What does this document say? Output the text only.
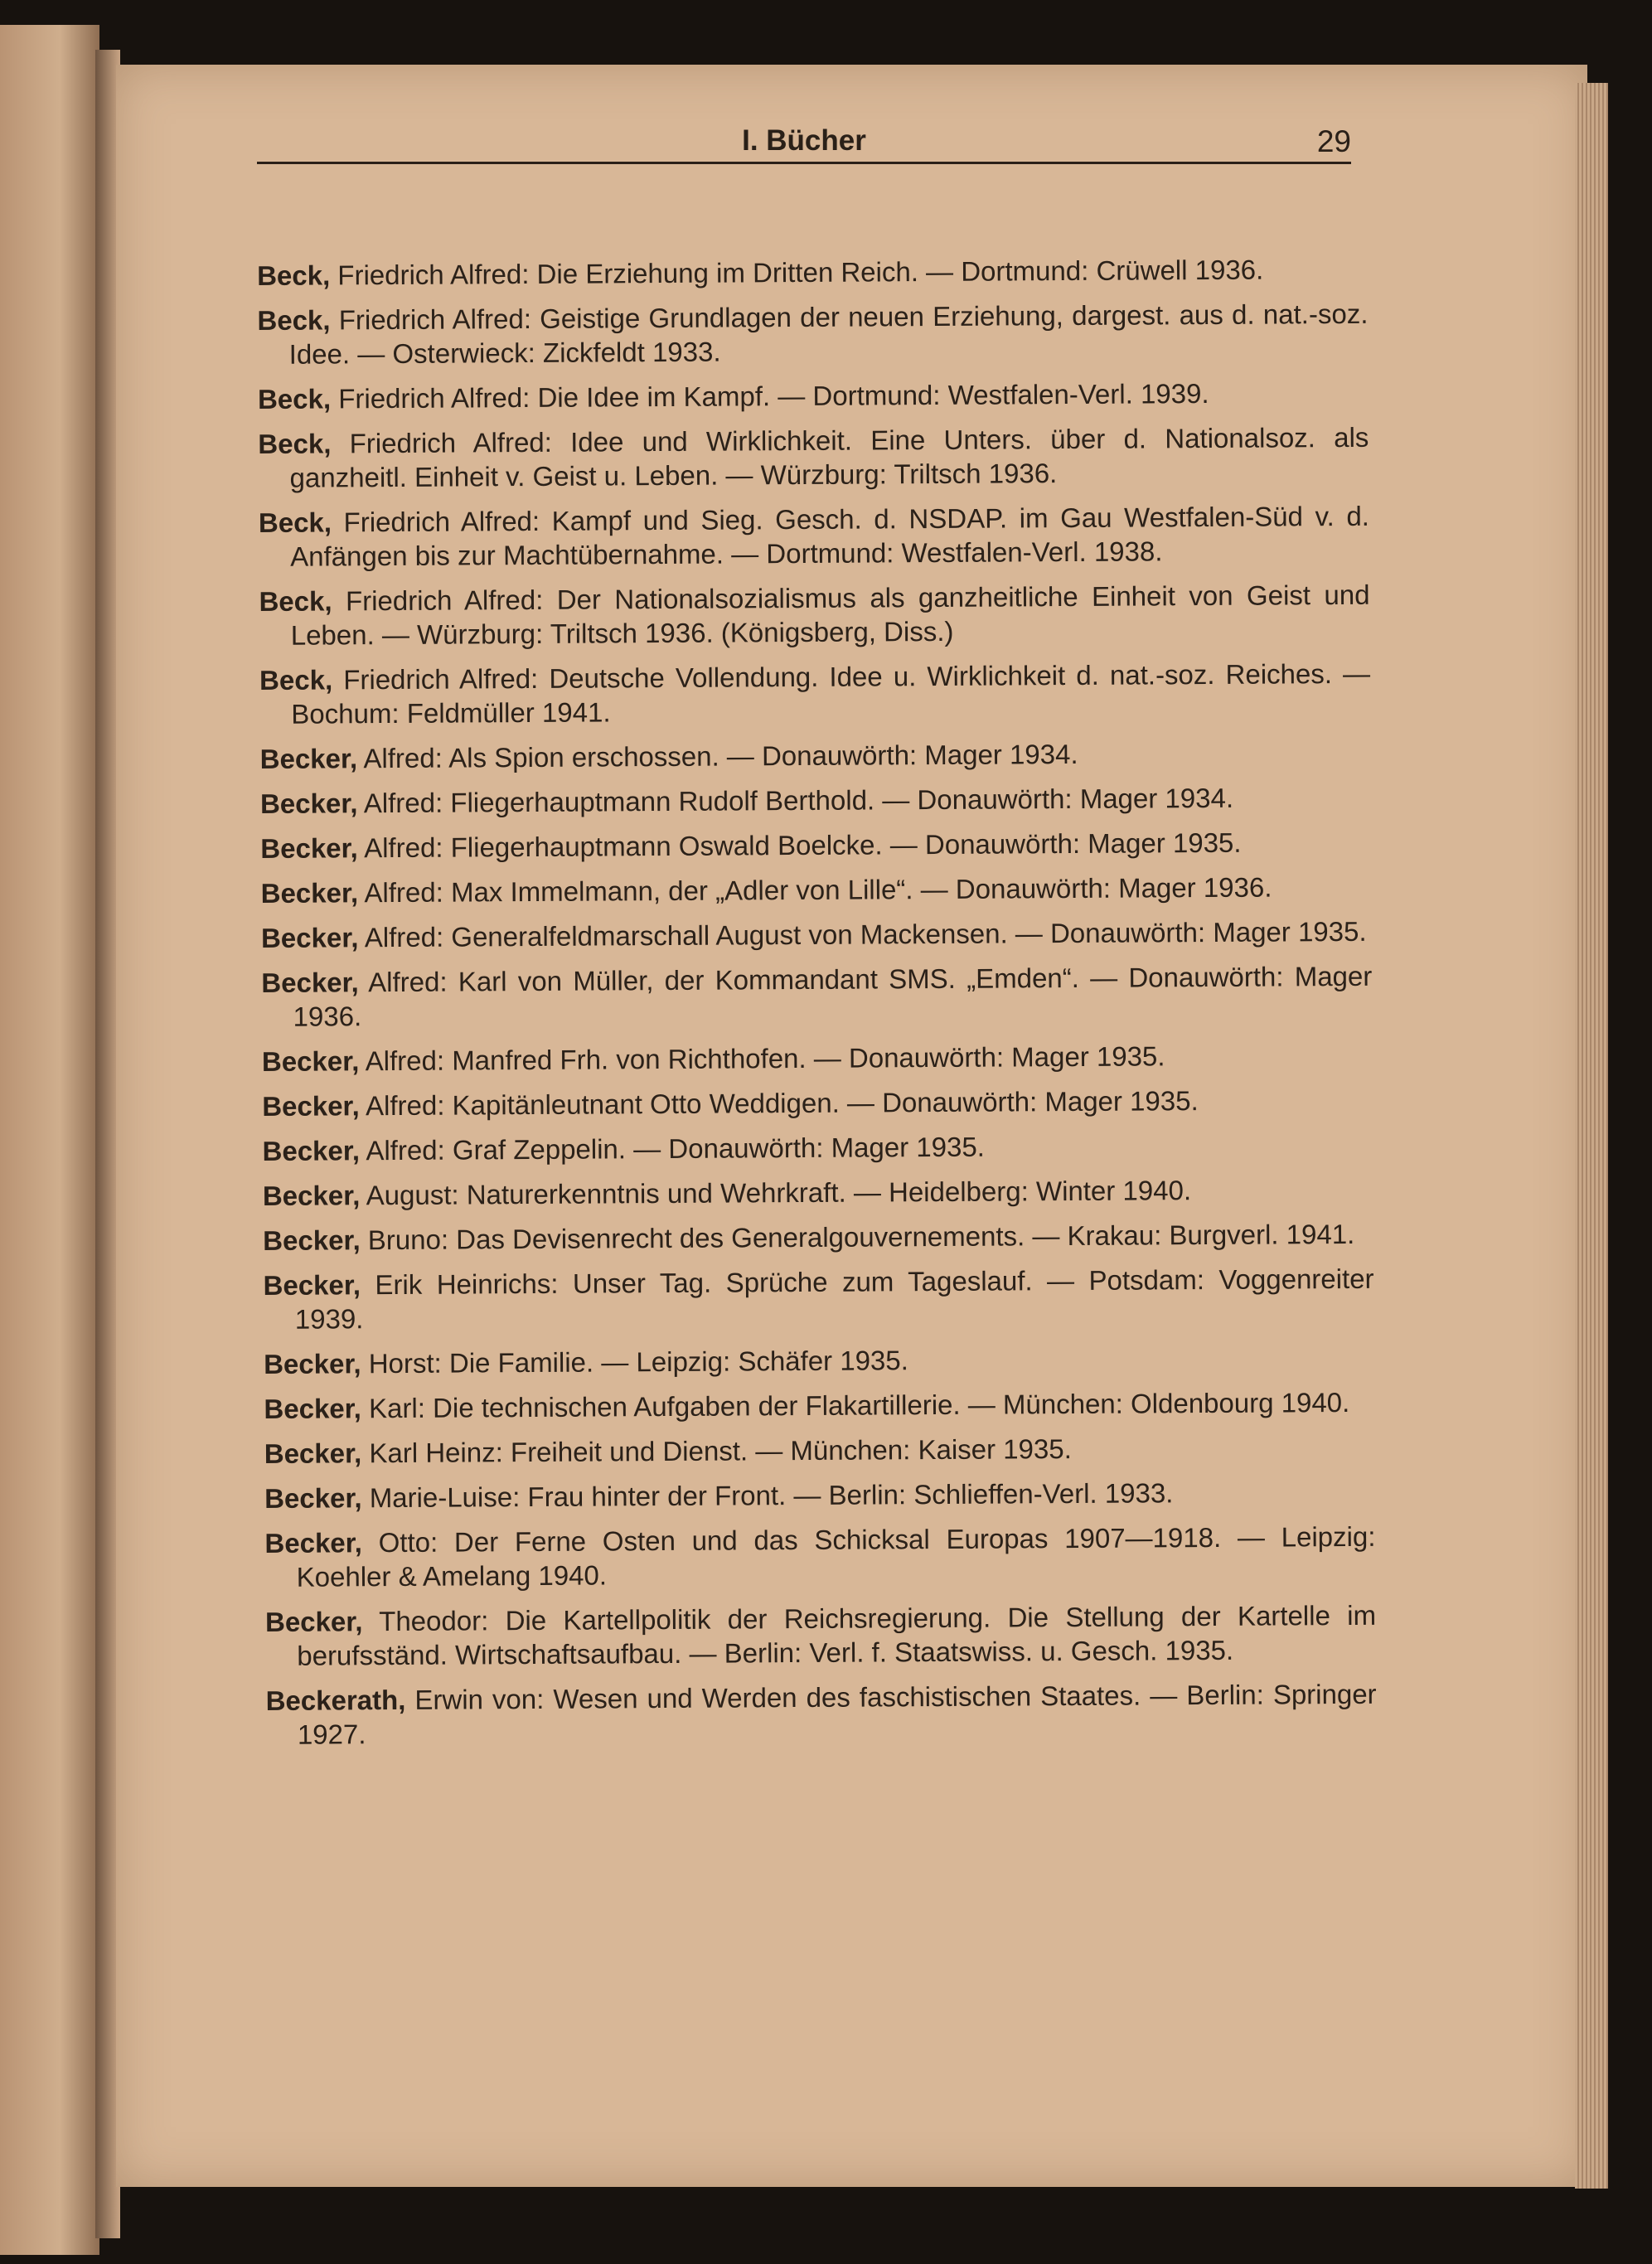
I. Bücher	29
Beck, Friedrich Alfred: Die Erziehung im Dritten Reich. — Dortmund: Crüwell 1936.
Beck, Friedrich Alfred: Geistige Grundlagen der neuen Erziehung, dargest. aus d. nat.-soz. Idee. — Osterwieck: Zickfeldt 1933.
Beck, Friedrich Alfred: Die Idee im Kampf. — Dortmund: Westfalen-Verl. 1939.
Beck, Friedrich Alfred: Idee und Wirklichkeit. Eine Unters. über d. Nationalsoz. als ganzheitl. Einheit v. Geist u. Leben. — Würzburg: Triltsch 1936.
Beck, Friedrich Alfred: Kampf und Sieg. Gesch. d. NSDAP. im Gau Westfalen-Süd v. d. Anfängen bis zur Machtübernahme. — Dortmund: Westfalen-Verl. 1938.
Beck, Friedrich Alfred: Der Nationalsozialismus als ganzheitliche Einheit von Geist und Leben. — Würzburg: Triltsch 1936. (Königsberg, Diss.)
Beck, Friedrich Alfred: Deutsche Vollendung. Idee u. Wirklichkeit d. nat.-soz. Reiches. — Bochum: Feldmüller 1941.
Becker, Alfred: Als Spion erschossen. — Donauwörth: Mager 1934.
Becker, Alfred: Fliegerhauptmann Rudolf Berthold. — Donauwörth: Mager 1934.
Becker, Alfred: Fliegerhauptmann Oswald Boelcke. — Donauwörth: Mager 1935.
Becker, Alfred: Max Immelmann, der „Adler von Lille“. — Donauwörth: Mager 1936.
Becker, Alfred: Generalfeldmarschall August von Mackensen. — Donauwörth: Mager 1935.
Becker, Alfred: Karl von Müller, der Kommandant SMS. „Emden“. — Donauwörth: Mager 1936.
Becker, Alfred: Manfred Frh. von Richthofen. — Donauwörth: Mager 1935.
Becker, Alfred: Kapitänleutnant Otto Weddigen. — Donauwörth: Mager 1935.
Becker, Alfred: Graf Zeppelin. — Donauwörth: Mager 1935.
Becker, August: Naturerkenntnis und Wehrkraft. — Heidelberg: Winter 1940.
Becker, Bruno: Das Devisenrecht des Generalgouvernements. — Krakau: Burgverl. 1941.
Becker, Erik Heinrichs: Unser Tag. Sprüche zum Tageslauf. — Potsdam: Voggenreiter 1939.
Becker, Horst: Die Familie. — Leipzig: Schäfer 1935.
Becker, Karl: Die technischen Aufgaben der Flakartillerie. — München: Oldenbourg 1940.
Becker, Karl Heinz: Freiheit und Dienst. — München: Kaiser 1935.
Becker, Marie-Luise: Frau hinter der Front. — Berlin: Schlieffen-Verl. 1933.
Becker, Otto: Der Ferne Osten und das Schicksal Europas 1907—1918. — Leipzig: Koehler & Amelang 1940.
Becker, Theodor: Die Kartellpolitik der Reichsregierung. Die Stellung der Kartelle im berufsständ. Wirtschaftsaufbau. — Berlin: Verl. f. Staatswiss. u. Gesch. 1935.
Beckerath, Erwin von: Wesen und Werden des faschistischen Staates. — Berlin: Springer 1927.
